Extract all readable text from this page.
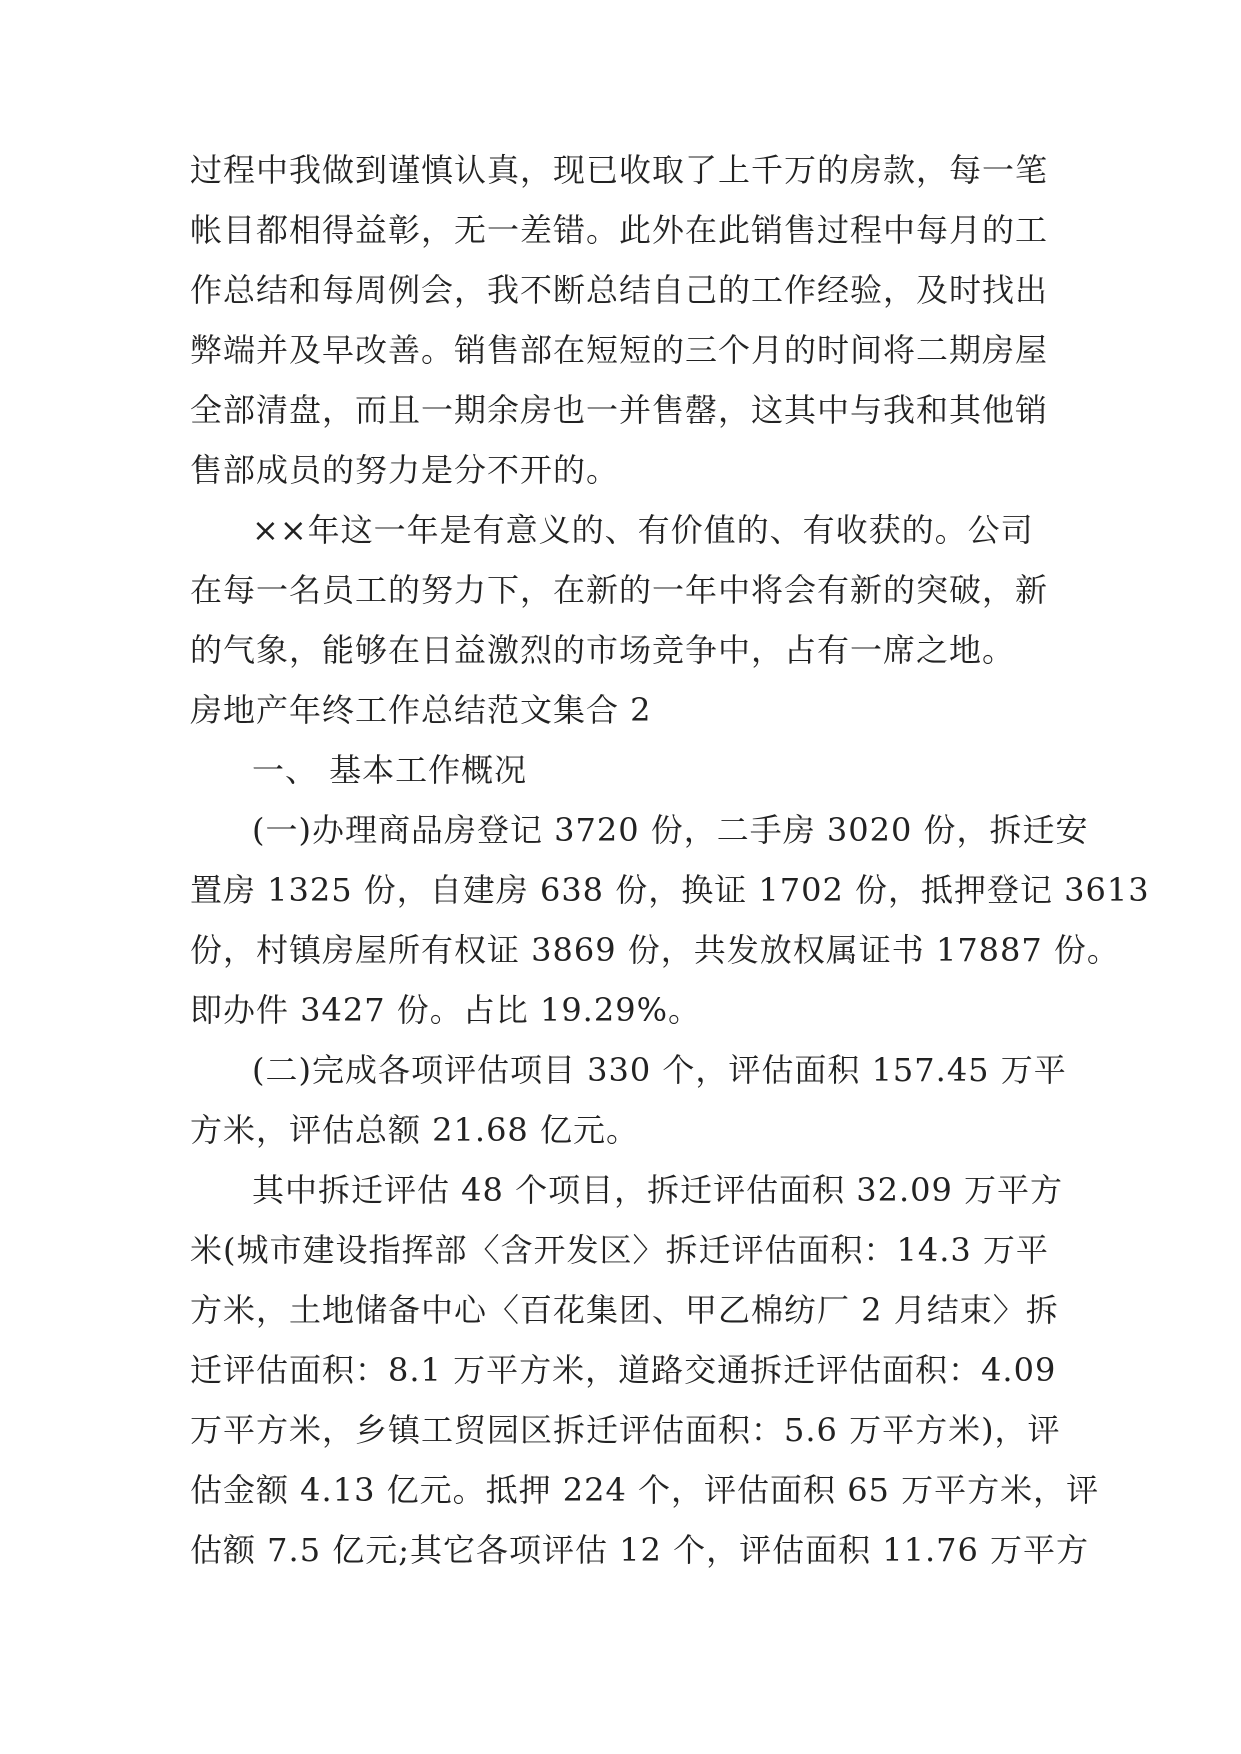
过程中我做到谨慎认真，现已收取了上千万的房款，每一笔
帐目都相得益彰，无一差错。此外在此销售过程中每月的工
作总结和每周例会，我不断总结自己的工作经验，及时找出
弊端并及早改善。销售部在短短的三个月的时间将二期房屋
全部清盘，而且一期余房也一并售罄，这其中与我和其他销
售部成员的努力是分不开的。
××年这一年是有意义的、有价值的、有收获的。公司
在每一名员工的努力下，在新的一年中将会有新的突破，新
的气象，能够在日益激烈的市场竞争中，占有一席之地。
房地产年终工作总结范文集合 2
一、 基本工作概况
(一)办理商品房登记 3720 份，二手房 3020 份，拆迁安
置房 1325 份，自建房 638 份，换证 1702 份，抵押登记 3613
份，村镇房屋所有权证 3869 份，共发放权属证书 17887 份。
即办件 3427 份。占比 19.29%。
(二)完成各项评估项目 330 个，评估面积 157.45 万平
方米，评估总额 21.68 亿元。
其中拆迁评估 48 个项目，拆迁评估面积 32.09 万平方
米(城市建设指挥部〈含开发区〉拆迁评估面积：14.3 万平
方米，土地储备中心〈百花集团、甲乙棉纺厂 2 月结束〉拆
迁评估面积：8.1 万平方米，道路交通拆迁评估面积：4.09
万平方米，乡镇工贸园区拆迁评估面积：5.6 万平方米)，评
估金额 4.13 亿元。抵押 224 个，评估面积 65 万平方米，评
估额 7.5 亿元;其它各项评估 12 个，评估面积 11.76 万平方
